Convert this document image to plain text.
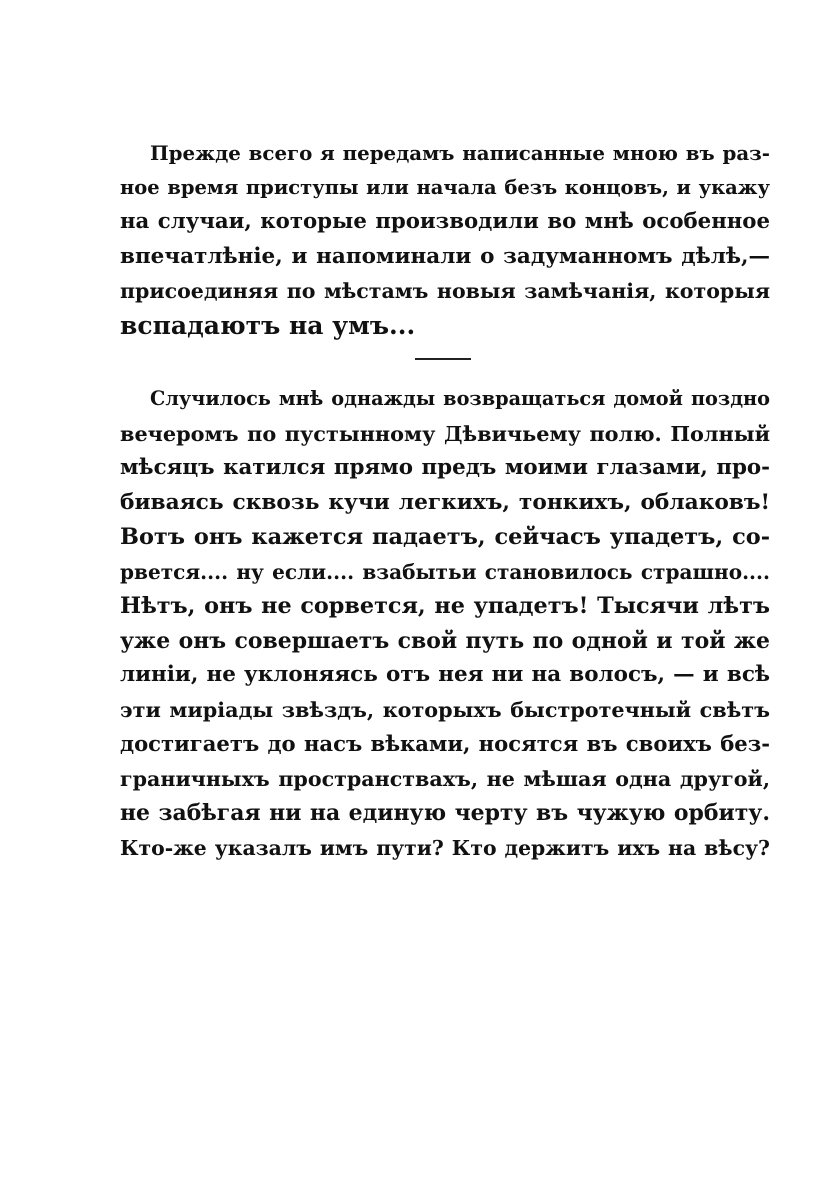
Прежде всего я передамъ написанные мною въ раз-
ное время приступы или начала безъ концовъ, и укажу
на случаи, которые производили во мнѣ особенное
впечатлѣнiе, и напоминали о задуманномъ дѣлѣ,—
присоединяя по мѣстамъ новыя замѣчанiя, которыя
вспадаютъ на умъ...
Случилось мнѣ однажды возвращаться домой поздно
вечеромъ по пустынному Дѣвичьему полю. Полный
мѣсяцъ катился прямо предъ моими глазами, про-
биваясь сквозь кучи легкихъ, тонкихъ, облаковъ!
Вотъ онъ кажется падаетъ, сейчасъ упадетъ, со-
рвется.... ну если.... взабытьи становилось страшно....
Нѣтъ, онъ не сорвется, не упадетъ! Тысячи лѣтъ
уже онъ совершаетъ свой путь по одной и той же
линiи, не уклоняясь отъ нея ни на волосъ, — и всѣ
эти мирiады звѣздъ, которыхъ быстротечный свѣтъ
достигаетъ до насъ вѣками, носятся въ своихъ без-
граничныхъ пространствахъ, не мѣшая одна другой,
не забѣгая ни на единую черту въ чужую орбиту.
Кто-же указалъ имъ пути? Кто держитъ ихъ на вѣсу?
